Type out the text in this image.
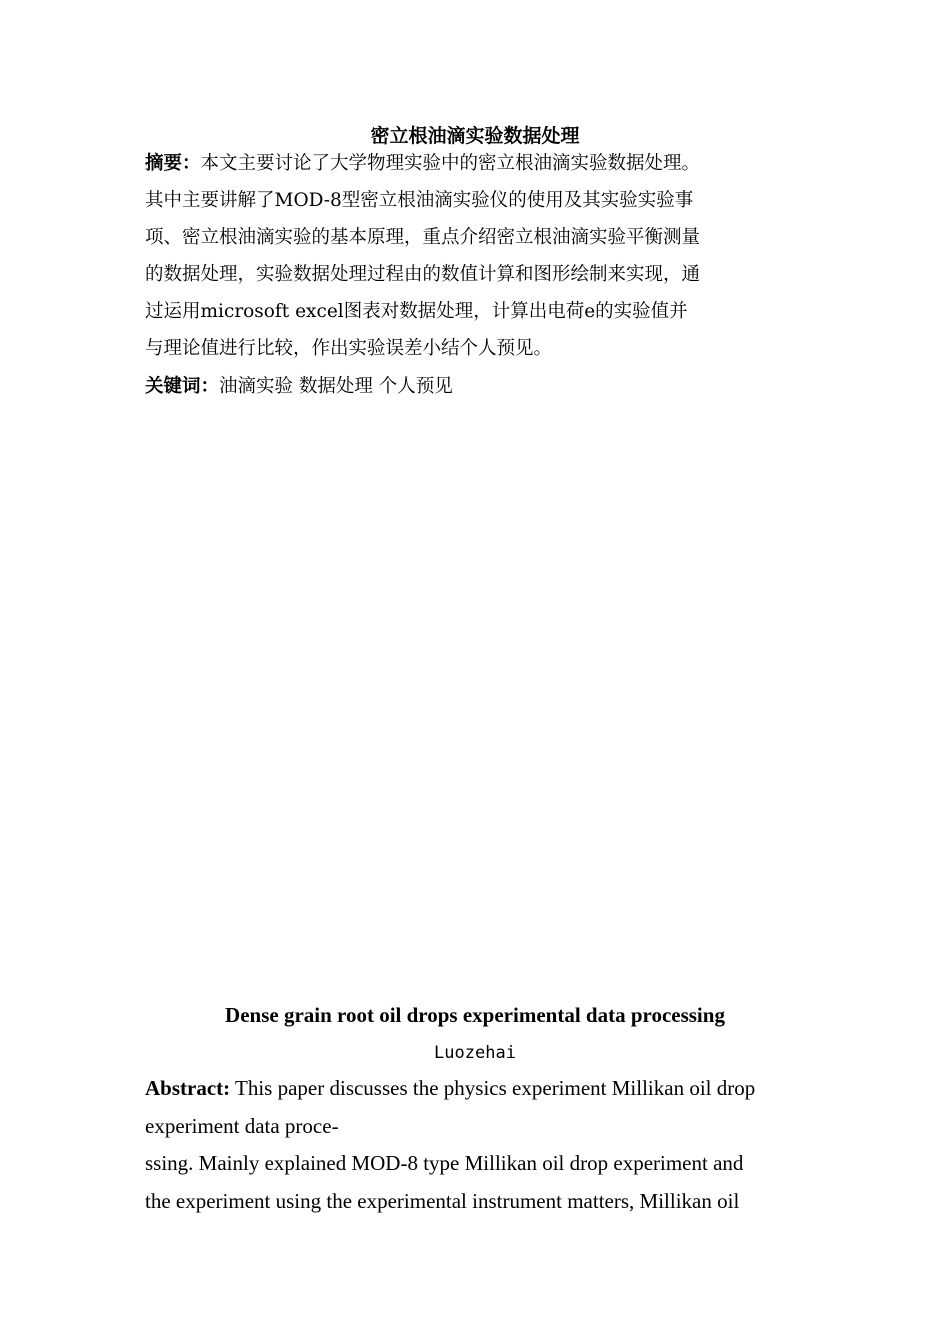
密立根油滴实验数据处理
摘要：本文主要讨论了大学物理实验中的密立根油滴实验数据处理。
其中主要讲解了MOD-8型密立根油滴实验仪的使用及其实验实验事
项、密立根油滴实验的基本原理，重点介绍密立根油滴实验平衡测量
的数据处理，实验数据处理过程由的数值计算和图形绘制来实现，通
过运用microsoft excel图表对数据处理，计算出电荷e的实验值并
与理论值进行比较，作出实验误差小结个人预见。
关键词：油滴实验 数据处理 个人预见
Dense grain root oil drops experimental data processing
Luozehai
Abstract: This paper discusses the physics experiment Millikan oil drop
experiment data proce-
ssing. Mainly explained MOD-8 type Millikan oil drop experiment and
the experiment using the experimental instrument matters, Millikan oil
